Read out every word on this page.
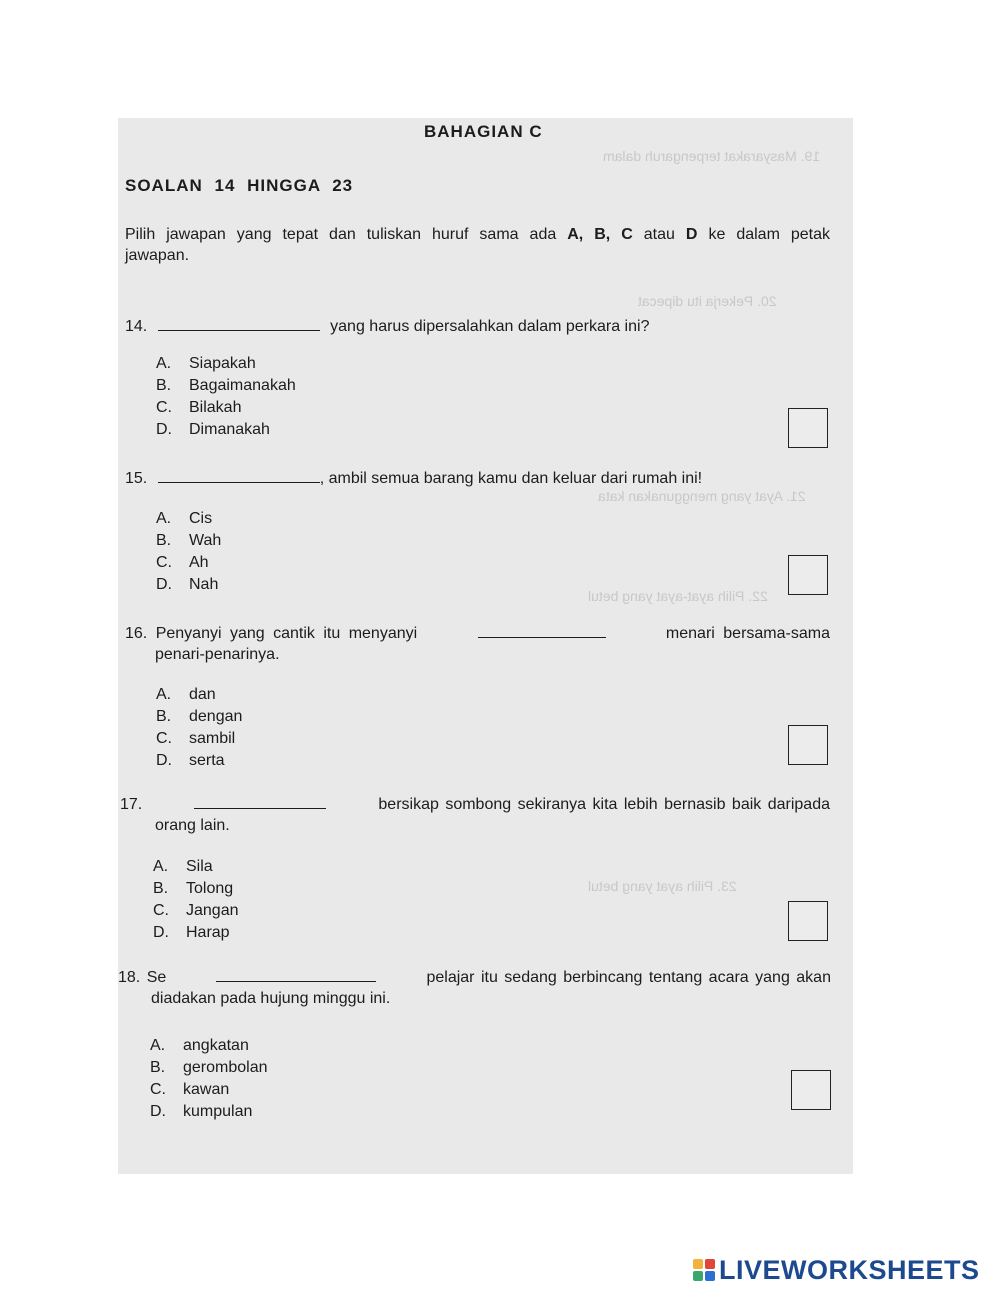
19. Masyarakat terpengaruh dalam
20. Pekerja itu dipecat
21. Ayat yang menggunakan kata
22. Pilih ayat-ayat yang betul
23. Pilih ayat yang betul
BAHAGIAN C
SOALAN 14 HINGGA 23
Pilih jawapan yang tepat dan tuliskan huruf sama ada A, B, C atau D ke dalam petak jawapan.
14.	yang harus dipersalahkan dalam perkara ini?
A. Siapakah
B. Bagaimanakah
C. Bilakah
D. Dimanakah
15.	, ambil semua barang kamu dan keluar dari rumah ini!
A. Cis
B. Wah
C. Ah
D. Nah
16. Penyanyi yang cantik itu menyanyi	menari bersama-sama
penari-penarinya.
A. dan
B. dengan
C. sambil
D. serta
17.	bersikap sombong sekiranya kita lebih bernasib baik daripada
orang lain.
A. Sila
B. Tolong
C. Jangan
D. Harap
18. Se	pelajar itu sedang berbincang tentang acara yang akan
diadakan pada hujung minggu ini.
A. angkatan
B. gerombolan
C. kawan
D. kumpulan
LIVEWORKSHEETS
